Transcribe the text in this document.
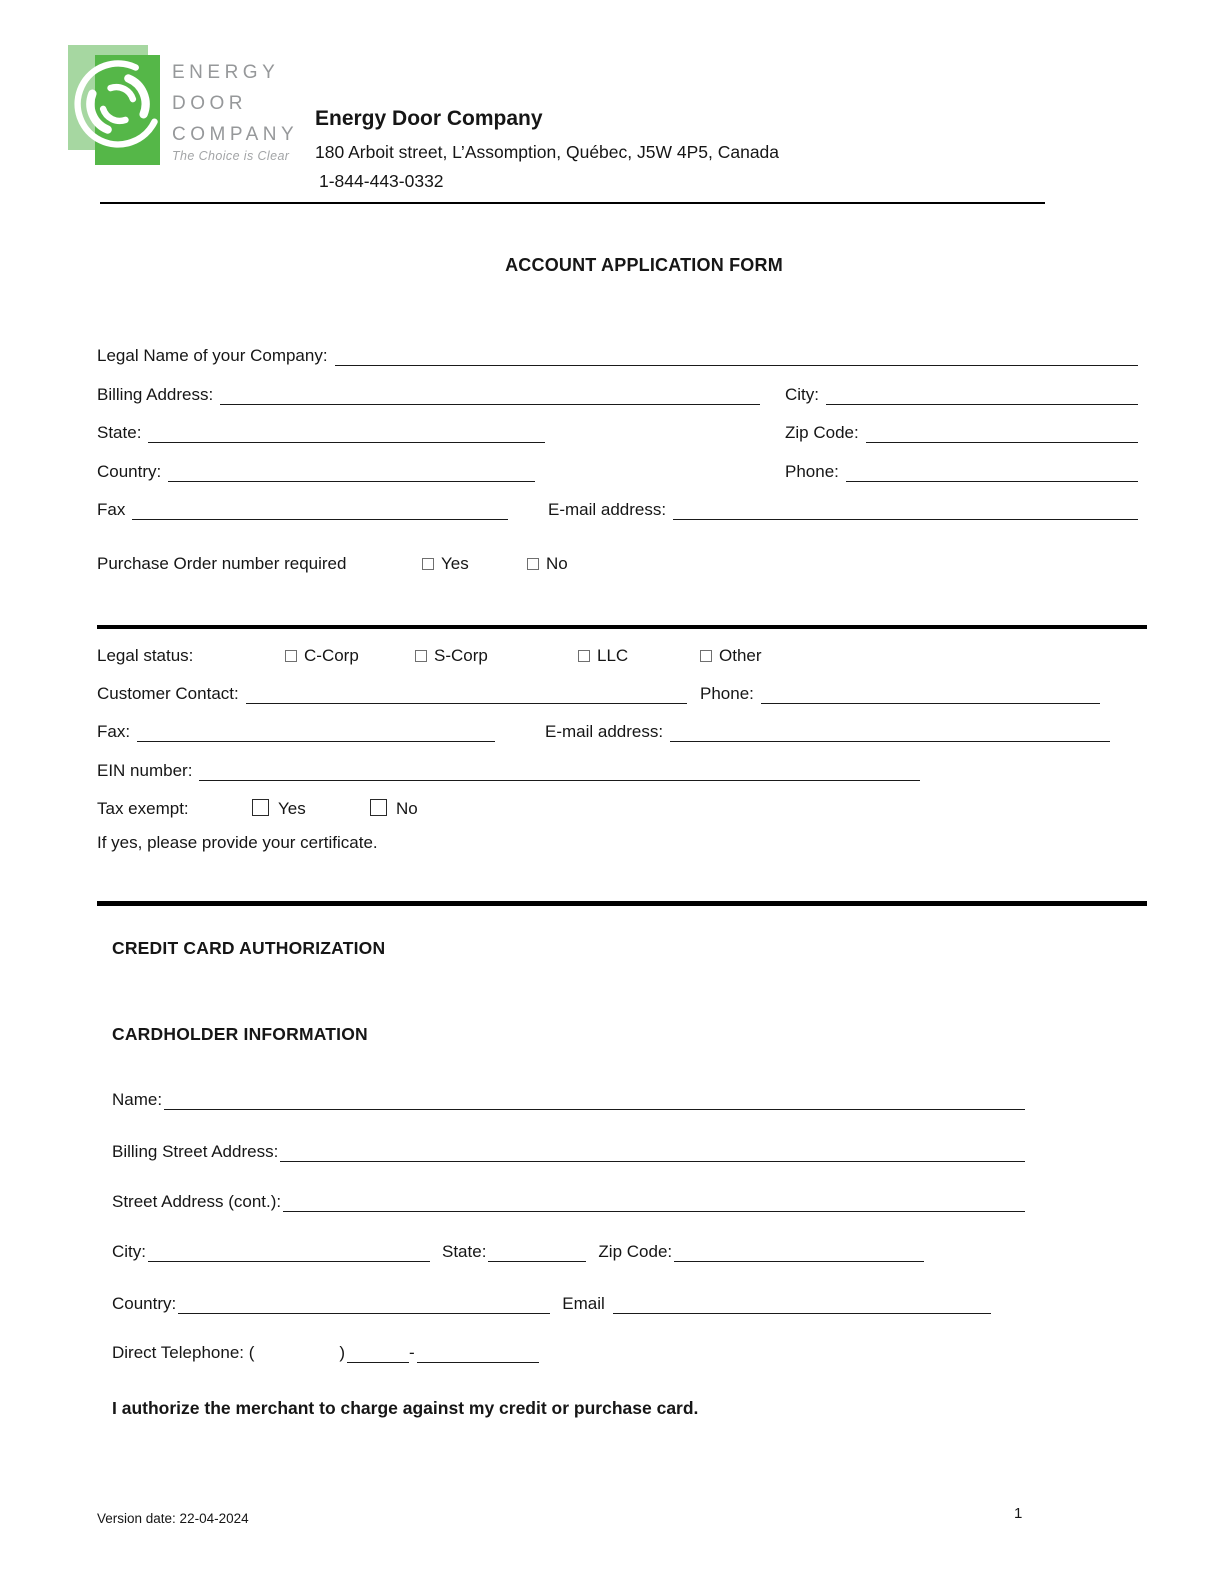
ENERGY
DOOR
COMPANY
The Choice is Clear
Energy Door Company
180 Arboit street, L’Assomption, Québec, J5W 4P5, Canada
1-844-443-0332
ACCOUNT APPLICATION FORM
Legal Name of your Company:
Billing Address:	City:
State:	Zip Code:
Country:	Phone:
Fax	E-mail address:
Purchase Order number required	Yes	No
Legal status:	C-Corp	S-Corp	LLC	Other
Customer Contact:	Phone:
Fax:	E-mail address:
EIN number:
Tax exempt:	Yes	No
If yes, please provide your certificate.
CREDIT CARD AUTHORIZATION
CARDHOLDER INFORMATION
Name:
Billing Street Address:
Street Address (cont.):
City:	State:	Zip Code:
Country:	Email
Direct Telephone: (	)	-
I authorize the merchant to charge against my credit or purchase card.
Version date: 22-04-2024	1
